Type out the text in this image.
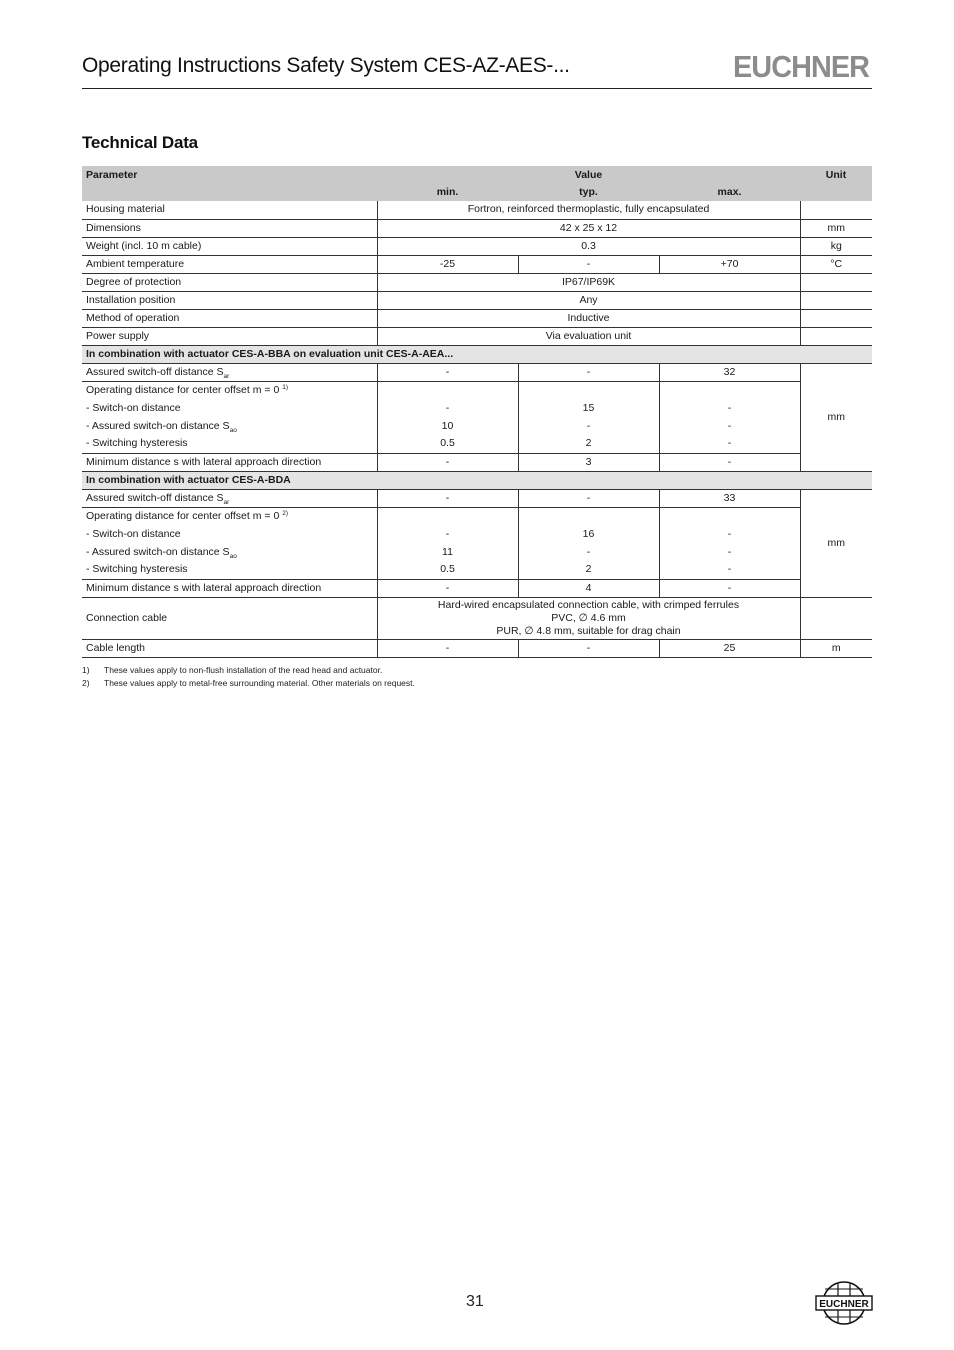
Operating Instructions Safety System CES-AZ-AES-...	EUCHNER
Technical Data
Parameter	Value			Unit
	min.	typ.	max.	
Housing material	Fortron, reinforced thermoplastic, fully encapsulated			
Dimensions	42 x 25 x 12			mm
Weight (incl. 10 m cable)	0.3			kg
Ambient temperature	-25	-	+70	°C
Degree of protection	IP67/IP69K			
Installation position	Any			
Method of operation	Inductive			
Power supply	Via evaluation unit			
In combination with actuator CES-A-BBA on evaluation unit CES-A-AEA...				
Assured switch-off distance $S_{ar}$	-	-	32	mm
Operating distance for center offset m = 0 $^{1)}$			
- Switch-on distance	-	15	-	
- Assured switch-on distance $S_{ao}$	10	-	-	
- Switching hysteresis	0.5	2	-	
Minimum distance s with lateral approach direction	-	3	-	
In combination with actuator CES-A-BDA				
Assured switch-off distance $S_{ar}$	-	-	33	mm
Operating distance for center offset m = 0 $^{2)}$			
- Switch-on distance	-	16	-	
- Assured switch-on distance $S_{ao}$	11	-	-	
- Switching hysteresis	0.5	2	-	
Minimum distance s with lateral approach direction	-	4	-	
Connection cable	Hard-wired encapsulated connection cable, with crimped ferrules
PVC, ∅ 4.6 mm
PUR, ∅ 4.8 mm, suitable for drag chain			

Cable length	-	-	25	m
1)	These values apply to non-flush installation of the read head and actuator.
2)	These values apply to metal-free surrounding material. Other materials on request.
31	EUCHNER
